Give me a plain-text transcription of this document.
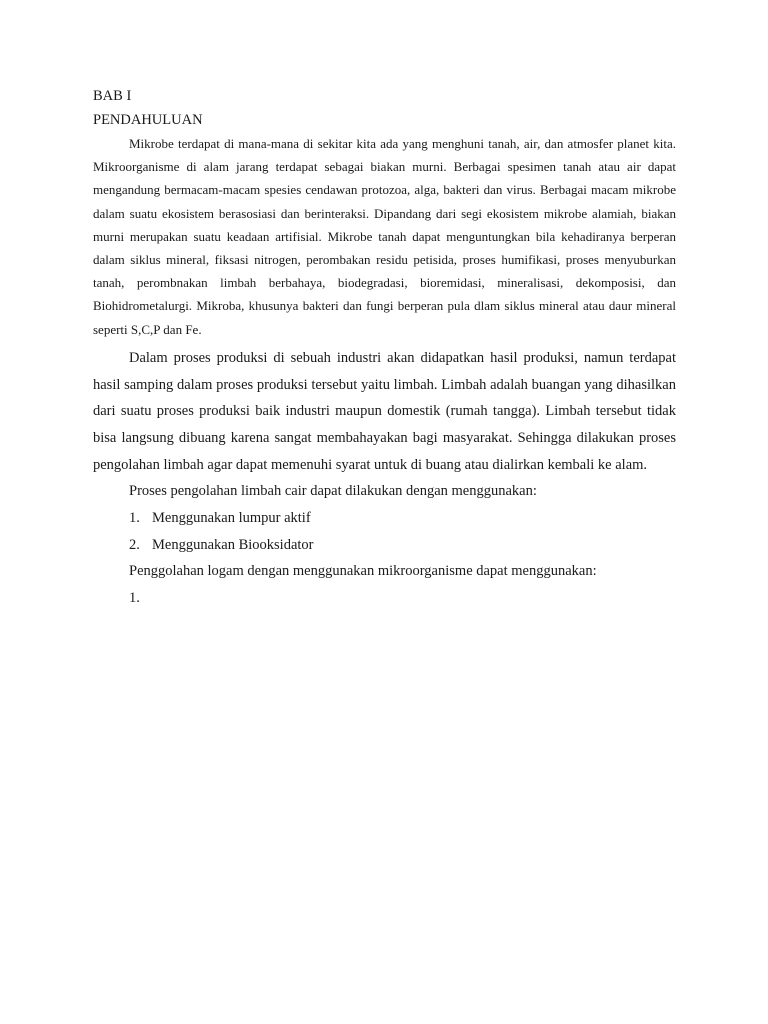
BAB I

PENDAHULUAN

Mikrobe terdapat di mana-mana di sekitar kita ada yang menghuni tanah, air, dan atmosfer planet kita. Mikroorganisme di alam jarang terdapat sebagai biakan murni. Berbagai spesimen tanah atau air dapat mengandung bermacam-macam spesies cendawan protozoa, alga, bakteri dan virus. Berbagai macam mikrobe dalam suatu ekosistem berasosiasi dan berinteraksi. Dipandang dari segi ekosistem mikrobe alamiah, biakan murni merupakan suatu keadaan artifisial. Mikrobe tanah dapat menguntungkan bila kehadiranya berperan dalam siklus mineral, fiksasi nitrogen, perombakan residu petisida, proses humifikasi, proses menyuburkan tanah, perombnakan limbah berbahaya, biodegradasi, bioremidasi, mineralisasi, dekomposisi, dan Biohidrometalurgi. Mikroba, khusunya bakteri dan fungi berperan pula dlam siklus mineral atau daur mineral seperti S,C,P dan Fe.

Dalam proses produksi di sebuah industri akan didapatkan hasil produksi, namun terdapat hasil samping dalam proses produksi tersebut yaitu limbah. Limbah adalah buangan yang dihasilkan dari suatu proses produksi baik industri maupun domestik (rumah tangga). Limbah tersebut tidak bisa langsung dibuang karena sangat membahayakan bagi masyarakat. Sehingga dilakukan proses pengolahan limbah agar dapat memenuhi syarat untuk di buang atau dialirkan kembali ke alam.

Proses pengolahan limbah cair dapat dilakukan dengan menggunakan:

1. Menggunakan lumpur aktif
2. Menggunakan Biooksidator

Penggolahan logam dengan menggunakan mikroorganisme dapat menggunakan:

1.
